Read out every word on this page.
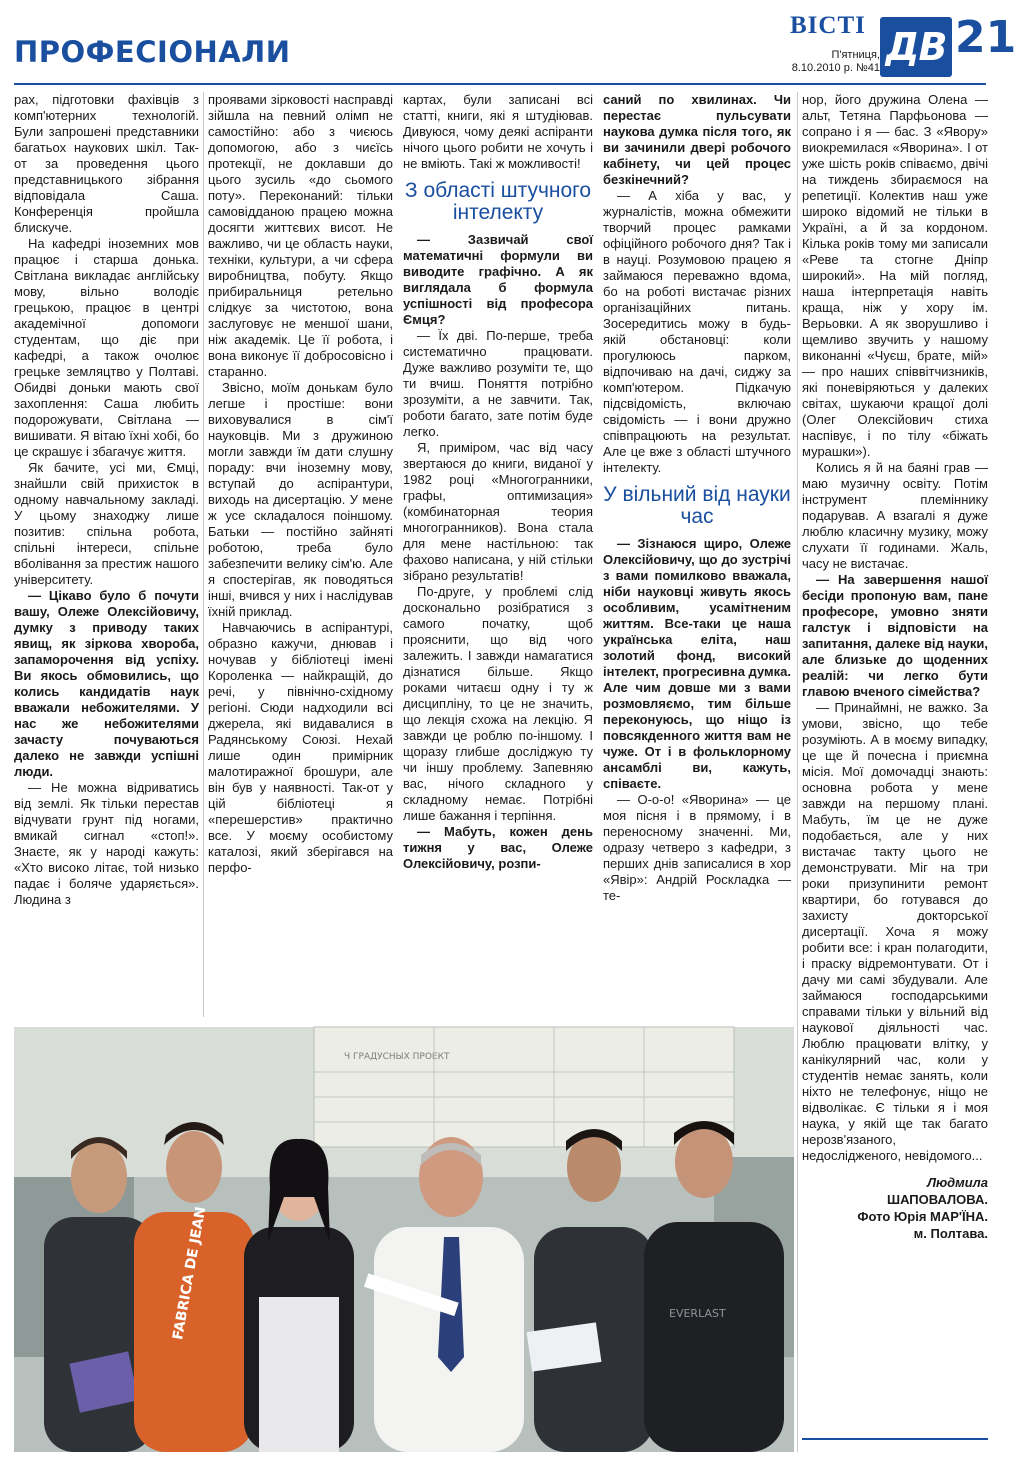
ПРОФЕСІОНАЛИ
ВІСТІ
П'ятниця,
8.10.2010 р. №41 ДВ 21

рах, підготовки фахівців з комп'ютерних технологій. Були запрошені представники багатьох наукових шкіл. Так-от за проведення цього представницького зібрання відповідала Саша. Конференція пройшла блискуче.

На кафедрі іноземних мов працює і старша донька. Світлана викладає англійську мову, вільно володіє грецькою, працює в центрі академічної допомоги студентам, що діє при кафедрі, а також очолює грецьке земляцтво у Полтаві. Обидві доньки мають свої захоплення: Саша любить подорожувати, Світлана — вишивати. Я вітаю їхні хобі, бо це скрашує і збагачує життя.

Як бачите, усі ми, Ємці, знайшли свій прихисток в одному навчальному закладі. У цьому знаходжу лише позитив: спільна робота, спільні інтереси, спільне вболівання за престиж нашого університету.

— Цікаво було б почути вашу, Олеже Олексійовичу, думку з приводу таких явищ, як зіркова хвороба, запаморочення від успіху. Ви якось обмовились, що колись кандидатів наук вважали небожителями. У нас же небожителями зачасту почуваються далеко не завжди успішні люди.

— Не можна відриватись від землі. Як тільки перестав відчувати грунт під ногами, вмикай сигнал «стоп!». Знаєте, як у народі кажуть: «Хто високо літає, той низько падає і боляче ударяється». Людина з

проявами зірковості насправді зійшла на певний олімп не самостійно: або з чиєюсь допомогою, або з чиєїсь протекції, не доклавши до цього зусиль «до сьомого поту». Переконаний: тільки самовідданою працею можна досягти життєвих висот. Не важливо, чи це область науки, техніки, культури, а чи сфера виробництва, побуту. Якщо прибиральниця ретельно слідкує за чистотою, вона заслуговує не меншої шани, ніж академік. Це її робота, і вона виконує її добросовісно і старанно.

Звісно, моїм донькам було легше і простіше: вони виховувалися в сім'ї науковців. Ми з дружиною могли завжди їм дати слушну пораду: вчи іноземну мову, вступай до аспірантури, виходь на дисертацію. У мене ж усе складалося поіншому. Батьки — постійно зайняті роботою, треба було забезпечити велику сім'ю. Але я спостерігав, як поводяться інші, вчився у них і наслідував їхній приклад.

Навчаючись в аспірантурі, образно кажучи, днював і ночував у бібліотеці імені Короленка — найкращій, до речі, у північно-східному регіоні. Сюди надходили всі джерела, які видавалися в Радянському Союзі. Нехай лише один примірник малотиражної брошури, але він був у наявності. Так-от у цій бібліотеці я «перешерстив» практично все. У моєму особистому каталозі, який зберігався на перфо-

картах, були записані всі статті, книги, які я штудіював. Дивуюся, чому деякі аспіранти нічого цього робити не хочуть і не вміють. Такі ж можливості!

З області штучного інтелекту

— Зазвичай свої математичні формули ви виводите графічно. А як виглядала б формула успішності від професора Ємця?

— Їх дві. По-перше, треба систематично працювати. Дуже важливо розуміти те, що ти вчиш. Поняття потрібно зрозуміти, а не завчити. Так, роботи багато, зате потім буде легко.

Я, приміром, час від часу звертаюся до книги, виданої у 1982 році «Многогранники, графы, оптимизация» (комбинаторная теория многогранников). Вона стала для мене настільною: так фахово написана, у ній стільки зібрано результатів!

По-друге, у проблемі слід досконально розібратися з самого початку, щоб прояснити, що від чого залежить. І завжди намагатися дізнатися більше. Якщо роками читаєш одну і ту ж дисципліну, то це не значить, що лекція схожа на лекцію. Я завжди це роблю по-іншому. І щоразу глибше досліджую ту чи іншу проблему. Запевняю вас, нічого складного у складному немає. Потрібні лише бажання і терпіння.

— Мабуть, кожен день тижня у вас, Олеже Олексійовичу, розпи-

саний по хвилинах. Чи перестає пульсувати наукова думка після того, як ви зачинили двері робочого кабінету, чи цей процес безкінечний?

— А хіба у вас, у журналістів, можна обмежити творчий процес рамками офіційного робочого дня? Так і в науці. Розумовою працею я займаюся переважно вдома, бо на роботі вистачає різних організаційних питань. Зосередитись можу в будь-якій обстановці: коли прогулююсь парком, відпочиваю на дачі, сиджу за комп'ютером. Підкачую підсвідомість, включаю свідомість — і вони дружно співпрацюють на результат. Але це вже з області штучного інтелекту.

У вільний від науки час

— Зізнаюся щиро, Олеже Олексійовичу, що до зустрічі з вами помилково вважала, ніби науковці живуть якось особливим, усамітненим життям. Все-таки це наша українська еліта, наш золотий фонд, високий інтелект, прогресивна думка. Але чим довше ми з вами розмовляємо, тим більше переконуюсь, що ніщо із повсякденного життя вам не чуже. От і в фольклорному ансамблі ви, кажуть, співаєте.

— О-о-о! «Яворина» — це моя пісня і в прямому, і в переносному значенні. Ми, одразу четверо з кафедри, з перших днів записалися в хор «Явір»: Андрій Роскладка — те-

нор, його дружина Олена — альт, Тетяна Парфьонова — сопрано і я — бас. З «Явору» виокремилася «Яворина». І от уже шість років співаємо, двічі на тиждень збираємося на репетиції. Колектив наш уже широко відомий не тільки в Україні, а й за кордоном. Кілька років тому ми записали «Реве та стогне Дніпр широкий». На мій погляд, наша інтерпретація навіть краща, ніж у хору ім. Верьовки. А як зворушливо і щемливо звучить у нашому виконанні «Чуєш, брате, мій» — про наших співвітчизників, які поневіряються у далеких світах, шукаючи кращої долі (Олег Олексійович стиха наспівує, і по тілу «біжать мурашки»).

Колись я й на баяні грав — маю музичну освіту. Потім інструмент племіннику подарував. А взагалі я дуже люблю класичну музику, можу слухати її годинами. Жаль, часу не вистачає.

— На завершення нашої бесіди пропоную вам, пане професоре, умовно зняти галстук і відповісти на запитання, далеке від науки, але близьке до щоденних реалій: чи легко бути главою вченого сімейства?

— Принаймні, не важко. За умови, звісно, що тебе розуміють. А в моєму випадку, це ще й почесна і приємна місія. Мої домочадці знають: основна робота у мене завжди на першому плані. Мабуть, їм це не дуже подобається, але у них вистачає такту цього не демонструвати. Міг на три роки призупинити ремонт квартири, бо готувався до захисту докторської дисертації. Хоча я можу робити все: і кран полагодити, і праску відремонтувати. От і дачу ми самі збудували. Але займаюся господарськими справами тільки у вільний від наукової діяльності час. Люблю працювати влітку, у канікулярний час, коли у студентів немає занять, коли ніхто не телефонує, ніщо не відволікає. Є тільки я і моя наука, у якій ще так багато нерозв'язаного, недослідженого, невідомого...

Людмила
ШАПОВАЛОВА.
Фото Юрія МАР'ЇНА.
м. Полтава.
Ч ГРАДУСНЫХ ПРОЕКТ
FABRICA DE JEAN	EVERLAST
